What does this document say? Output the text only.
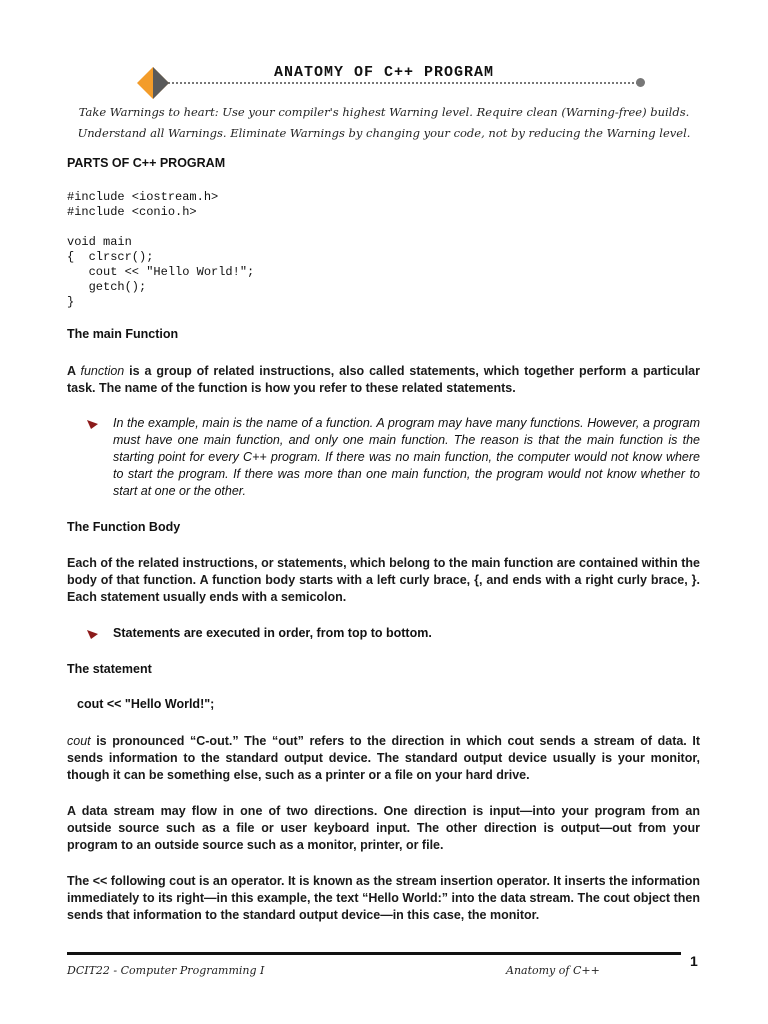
ANATOMY OF C++ PROGRAM
Take Warnings to heart: Use your compiler's highest Warning level. Require clean (Warning-free) builds. Understand all Warnings. Eliminate Warnings by changing your code, not by reducing the Warning level.
PARTS OF C++ PROGRAM
#include <iostream.h>
#include <conio.h>

void main
{  clrscr();
cout << "Hello World!";
getch();
}
The main Function

A function is a group of related instructions, also called statements, which together perform a particular task. The name of the function is how you refer to these related statements.

In the example, main is the name of a function. A program may have many functions. However, a program must have one main function, and only one main function. The reason is that the main function is the starting point for every C++ program. If there was no main function, the computer would not know where to start the program. If there was more than one main function, the program would not know whether to start at one or the other.
The Function Body

Each of the related instructions, or statements, which belong to the main function are contained within the body of that function. A function body starts with a left curly brace, {, and ends with a right curly brace, }. Each statement usually ends with a semicolon.

Statements are executed in order, from top to bottom.
The statement
cout << "Hello World!";

cout is pronounced “C-out.” The “out” refers to the direction in which cout sends a stream of data. It sends information to the standard output device. The standard output device usually is your monitor, though it can be something else, such as a printer or a file on your hard drive.

A data stream may flow in one of two directions. One direction is input—into your program from an outside source such as a file or user keyboard input. The other direction is output—out from your program to an outside source such as a monitor, printer, or file.

The << following cout is an operator. It is known as the stream insertion operator. It inserts the information immediately to its right—in this example, the text “Hello World:” into the data stream. The cout object then sends that information to the standard output device—in this case, the monitor.

DCIT22 - Computer Programming I	Anatomy of C++
1
